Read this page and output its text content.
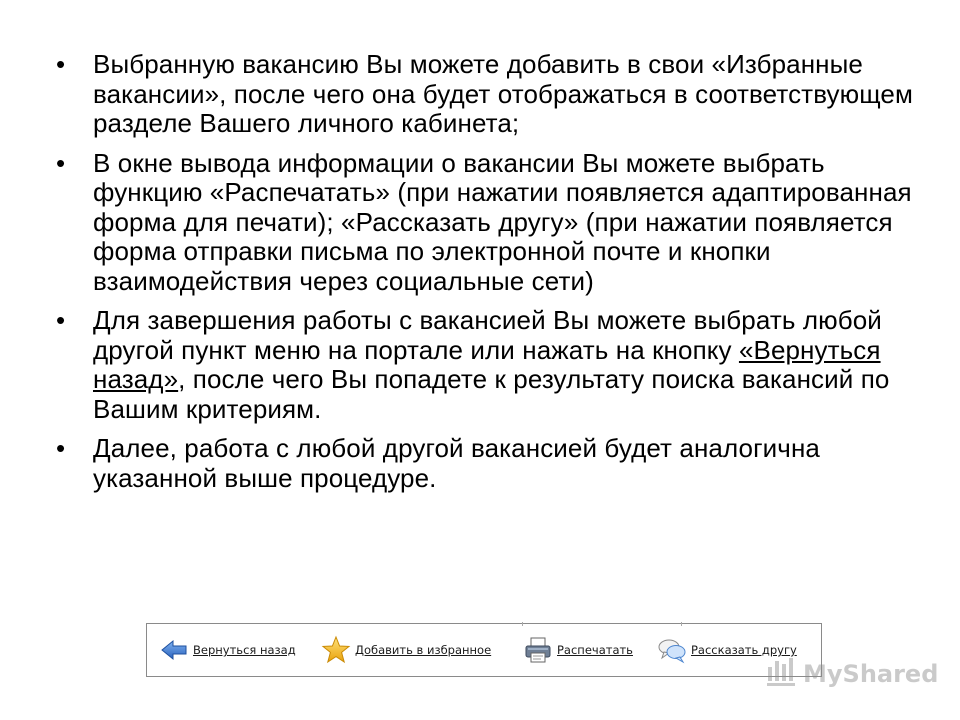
• Выбранную вакансию Вы можете добавить в свои «Избранные вакансии», после чего она будет отображаться в соответствующем разделе Вашего личного кабинета;
• В окне вывода информации о вакансии Вы можете выбрать функцию «Распечатать» (при нажатии появляется адаптированная форма для печати); «Рассказать другу» (при нажатии появляется форма отправки письма по электронной почте и кнопки взаимодействия через социальные сети)
• Для завершения работы с вакансией Вы можете выбрать любой другой пункт меню на портале или нажать на кнопку «Вернуться назад», после чего Вы попадете к результату поиска вакансий по Вашим критериям.
• Далее, работа с любой другой вакансией будет аналогична указанной выше процедуре.
Вернуться назад	Добавить в избранное	Распечатать	Рассказать другу
MyShared
